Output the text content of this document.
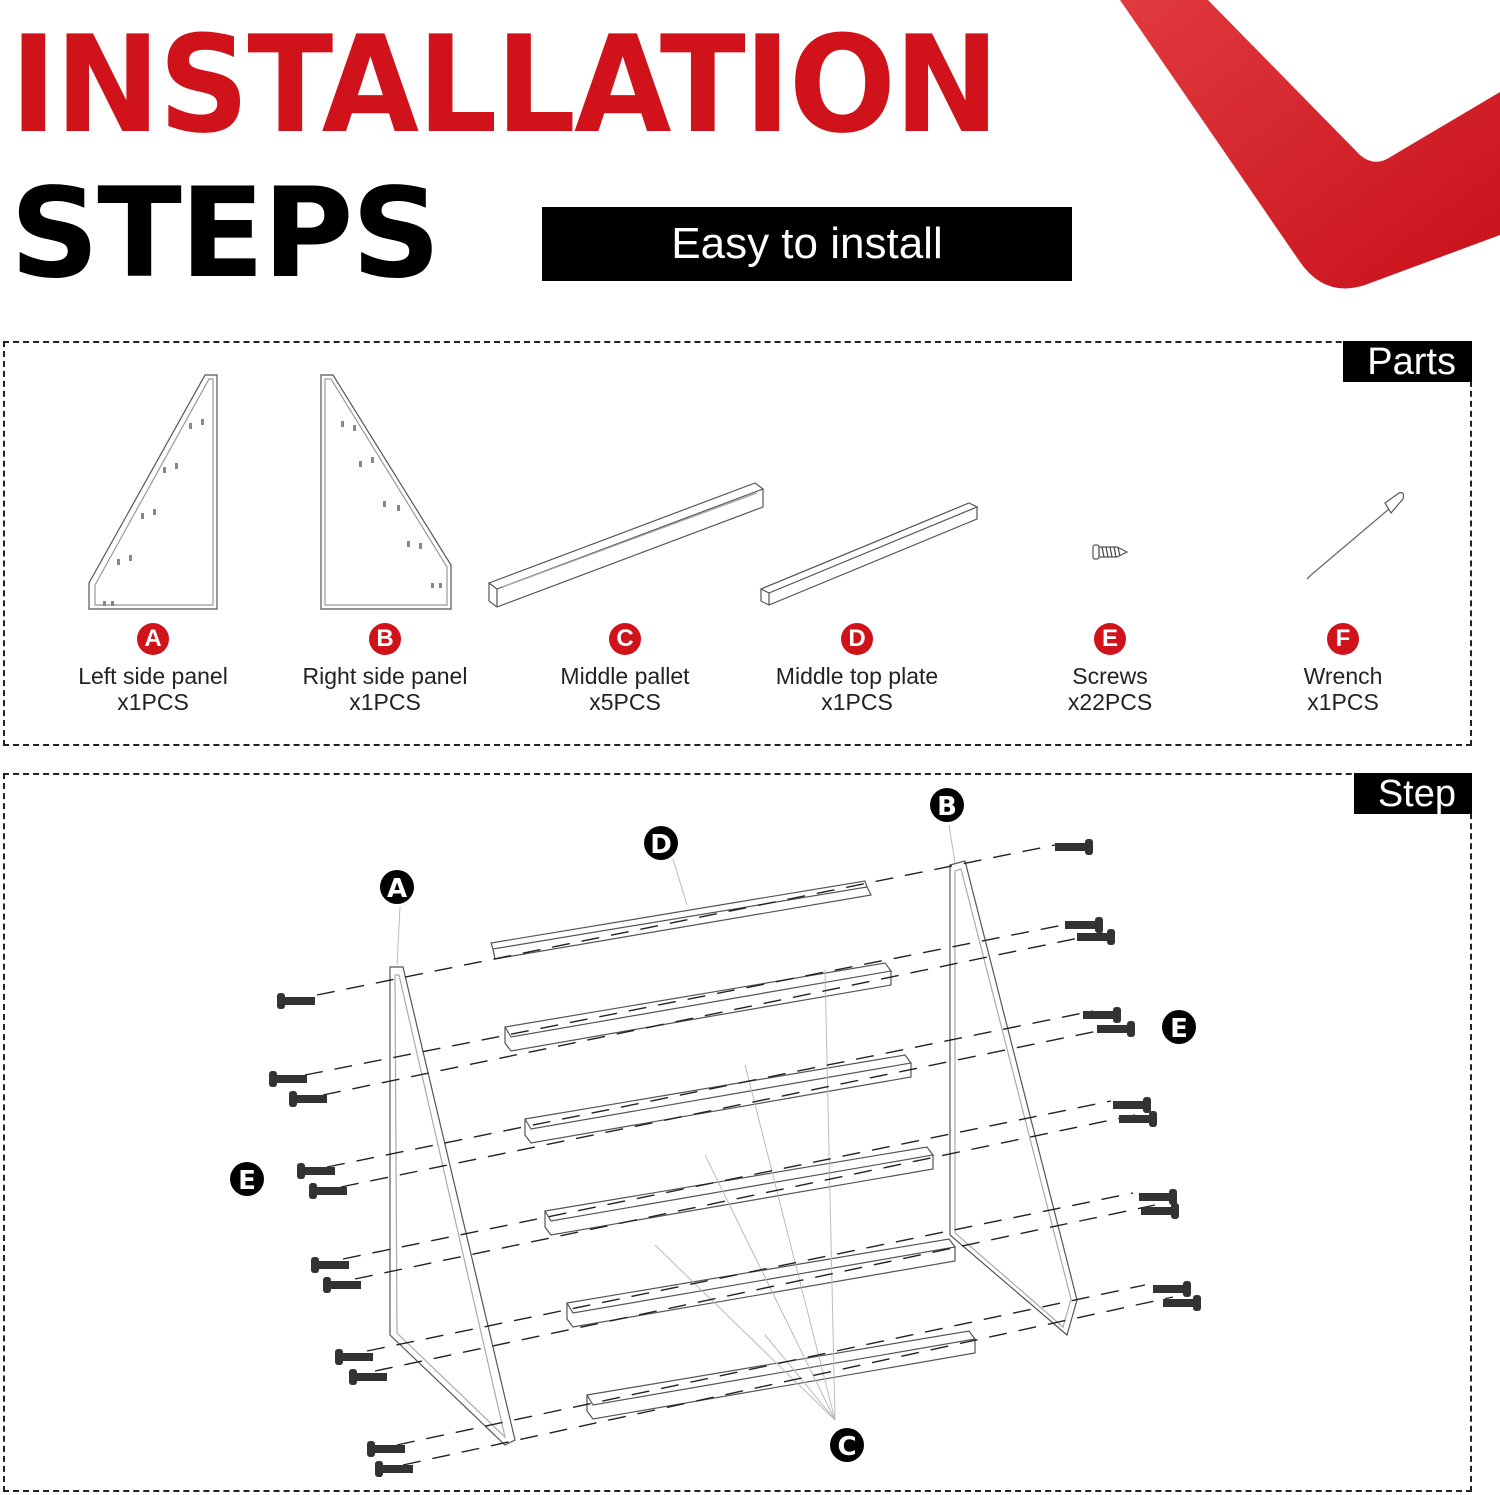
INSTALLATION
STEPS	Easy to install
Parts
A
Left side panel
x1PCS
B
Right side panel
x1PCS
C
Middle pallet
x5PCS
D
Middle top plate
x1PCS
E
Screws
x22PCS
F
Wrench
x1PCS
Step
A
B
D
C
E
E
